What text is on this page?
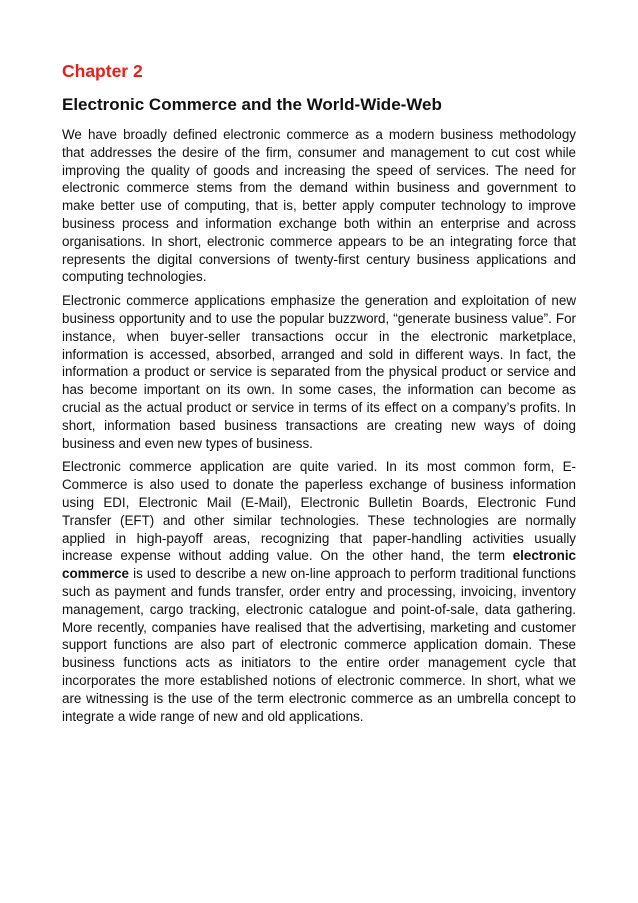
Chapter 2
Electronic Commerce and the World-Wide-Web

We have broadly defined electronic commerce as a modern business methodology that addresses the desire of the firm, consumer and management to cut cost while improving the quality of goods and increasing the speed of services. The need for electronic commerce stems from the demand within business and government to make better use of computing, that is, better apply computer technology to improve business process and information exchange both within an enterprise and across organisations. In short, electronic commerce appears to be an integrating force that represents the digital conversions of twenty-first century business applications and computing technologies.

Electronic commerce applications emphasize the generation and exploitation of new business opportunity and to use the popular buzzword, “generate business value”. For instance, when buyer-seller transactions occur in the electronic marketplace, information is accessed, absorbed, arranged and sold in different ways. In fact, the information a product or service is separated from the physical product or service and has become important on its own. In some cases, the information can become as crucial as the actual product or service in terms of its effect on a company’s profits. In short, information based business transactions are creating new ways of doing business and even new types of business.

Electronic commerce application are quite varied. In its most common form, E-Commerce is also used to donate the paperless exchange of business information using EDI, Electronic Mail (E-Mail), Electronic Bulletin Boards, Electronic Fund Transfer (EFT) and other similar technologies. These technologies are normally applied in high-payoff areas, recognizing that paper-handling activities usually increase expense without adding value. On the other hand, the term electronic commerce is used to describe a new on-line approach to perform traditional functions such as payment and funds transfer, order entry and processing, invoicing, inventory management, cargo tracking, electronic catalogue and point-of-sale, data gathering. More recently, companies have realised that the advertising, marketing and customer support functions are also part of electronic commerce application domain. These business functions acts as initiators to the entire order management cycle that incorporates the more established notions of electronic commerce. In short, what we are witnessing is the use of the term electronic commerce as an umbrella concept to integrate a wide range of new and old applications.
